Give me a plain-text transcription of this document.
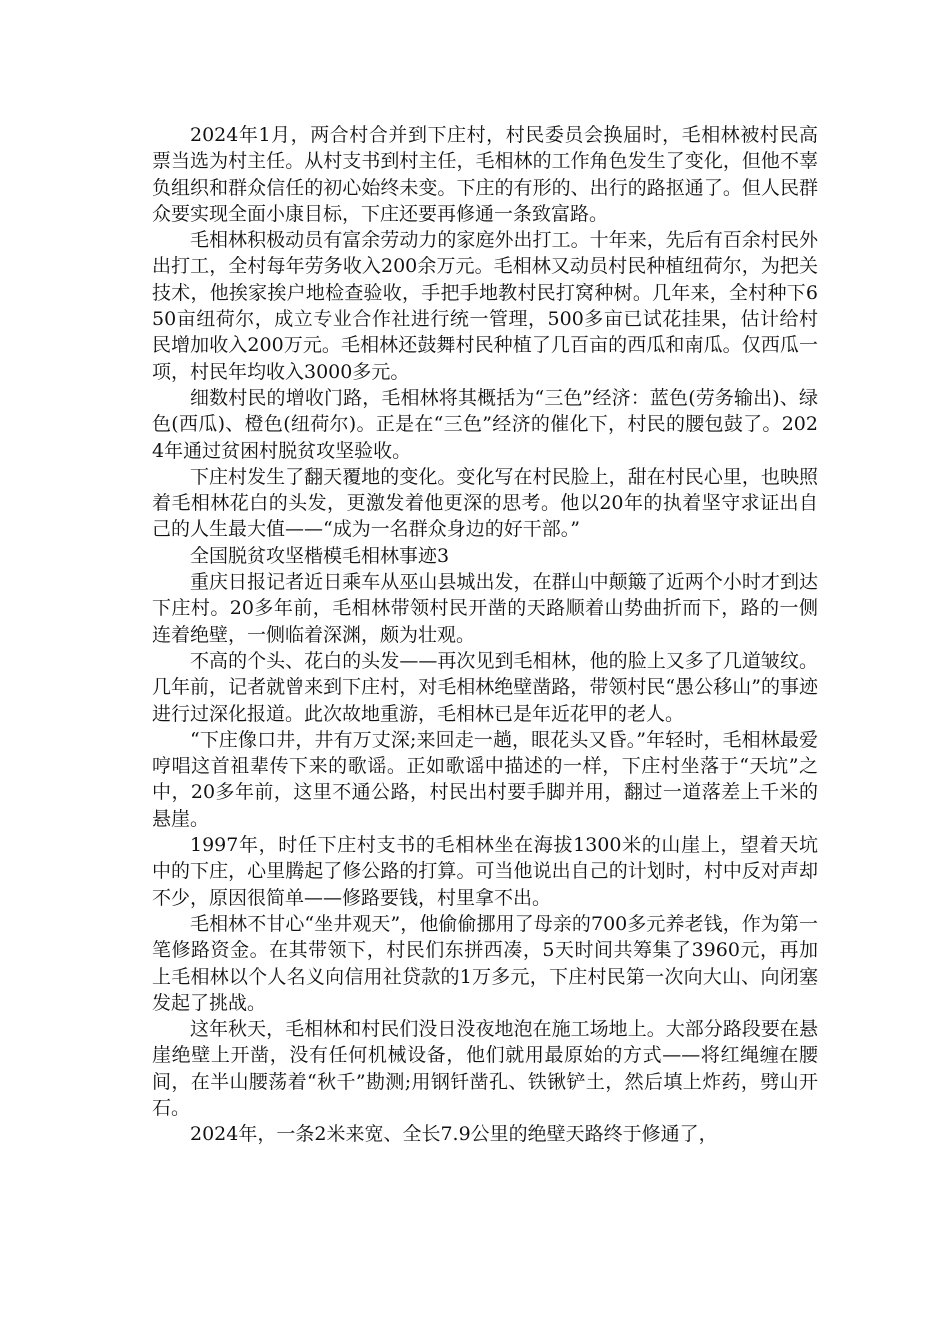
2024年1月，两合村合并到下庄村，村民委员会换届时，毛相林被村民高票当选为村主任。从村支书到村主任，毛相林的工作角色发生了变化，但他不辜负组织和群众信任的初心始终未变。下庄的有形的、出行的路抠通了。但人民群众要实现全面小康目标，下庄还要再修通一条致富路。

毛相林积极动员有富余劳动力的家庭外出打工。十年来，先后有百余村民外出打工，全村每年劳务收入200余万元。毛相林又动员村民种植纽荷尔，为把关技术，他挨家挨户地检查验收，手把手地教村民打窝种树。几年来，全村种下650亩纽荷尔，成立专业合作社进行统一管理，500多亩已试花挂果，估计给村民增加收入200万元。毛相林还鼓舞村民种植了几百亩的西瓜和南瓜。仅西瓜一项，村民年均收入3000多元。

细数村民的增收门路，毛相林将其概括为“三色”经济：蓝色(劳务输出)、绿色(西瓜)、橙色(纽荷尔)。正是在“三色”经济的催化下，村民的腰包鼓了。2024年通过贫困村脱贫攻坚验收。

下庄村发生了翻天覆地的变化。变化写在村民脸上，甜在村民心里，也映照着毛相林花白的头发，更激发着他更深的思考。他以20年的执着坚守求证出自己的人生最大值——“成为一名群众身边的好干部。”

全国脱贫攻坚楷模毛相林事迹3

重庆日报记者近日乘车从巫山县城出发，在群山中颠簸了近两个小时才到达下庄村。20多年前，毛相林带领村民开凿的天路顺着山势曲折而下，路的一侧连着绝壁，一侧临着深渊，颇为壮观。

不高的个头、花白的头发——再次见到毛相林，他的脸上又多了几道皱纹。几年前，记者就曾来到下庄村，对毛相林绝壁凿路，带领村民“愚公移山”的事迹进行过深化报道。此次故地重游，毛相林已是年近花甲的老人。

“下庄像口井，井有万丈深;来回走一趟，眼花头又昏。”年轻时，毛相林最爱哼唱这首祖辈传下来的歌谣。正如歌谣中描述的一样，下庄村坐落于“天坑”之中，20多年前，这里不通公路，村民出村要手脚并用，翻过一道落差上千米的悬崖。

1997年，时任下庄村支书的毛相林坐在海拔1300米的山崖上，望着天坑中的下庄，心里腾起了修公路的打算。可当他说出自己的计划时，村中反对声却不少，原因很简单——修路要钱，村里拿不出。

毛相林不甘心“坐井观天”，他偷偷挪用了母亲的700多元养老钱，作为第一笔修路资金。在其带领下，村民们东拼西凑，5天时间共筹集了3960元，再加上毛相林以个人名义向信用社贷款的1万多元，下庄村民第一次向大山、向闭塞发起了挑战。

这年秋天，毛相林和村民们没日没夜地泡在施工场地上。大部分路段要在悬崖绝壁上开凿，没有任何机械设备，他们就用最原始的方式——将红绳缠在腰间，在半山腰荡着“秋千”勘测;用钢钎凿孔、铁锹铲土，然后填上炸药，劈山开石。

2024年，一条2米来宽、全长7.9公里的绝壁天路终于修通了，
